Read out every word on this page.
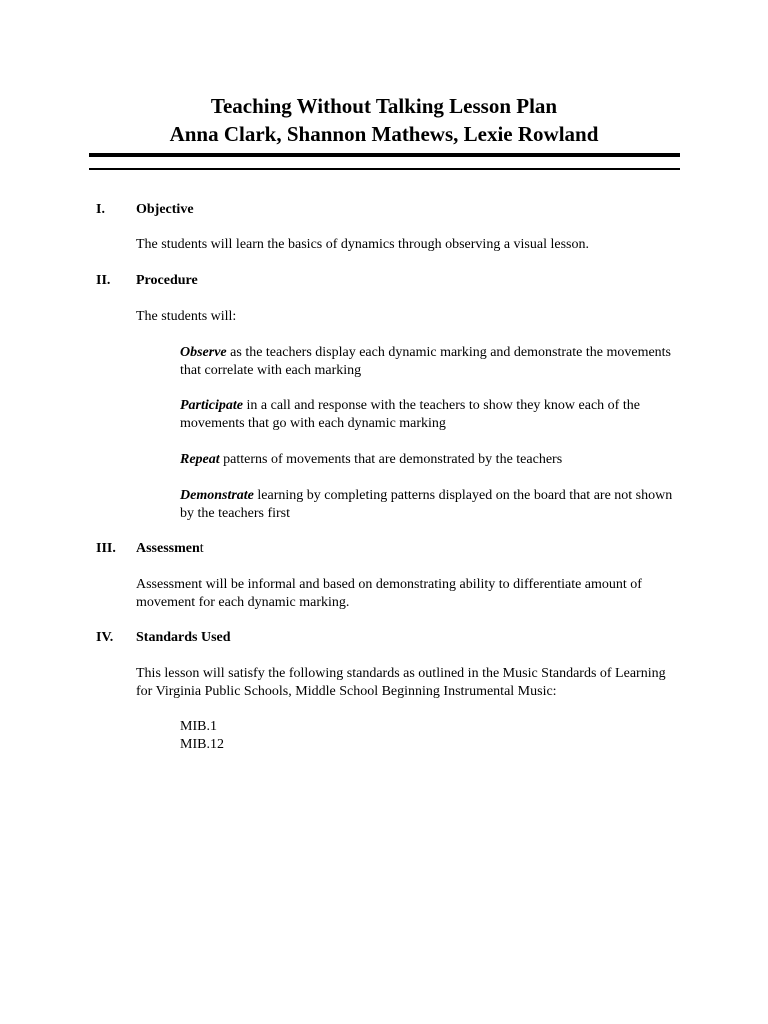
Teaching Without Talking Lesson Plan

Anna Clark, Shannon Mathews, Lexie Rowland

I.	Objective

The students will learn the basics of dynamics through observing a visual lesson.

II.	Procedure

The students will:

Observe as the teachers display each dynamic marking and demonstrate the movements that correlate with each marking

Participate in a call and response with the teachers to show they know each of the movements that go with each dynamic marking

Repeat patterns of movements that are demonstrated by the teachers

Demonstrate learning by completing patterns displayed on the board that are not shown by the teachers first

III.	Assessment

Assessment will be informal and based on demonstrating ability to differentiate amount of movement for each dynamic marking.

IV.	Standards Used

This lesson will satisfy the following standards as outlined in the Music Standards of Learning for Virginia Public Schools, Middle School Beginning Instrumental Music:

MIB.1
MIB.12
